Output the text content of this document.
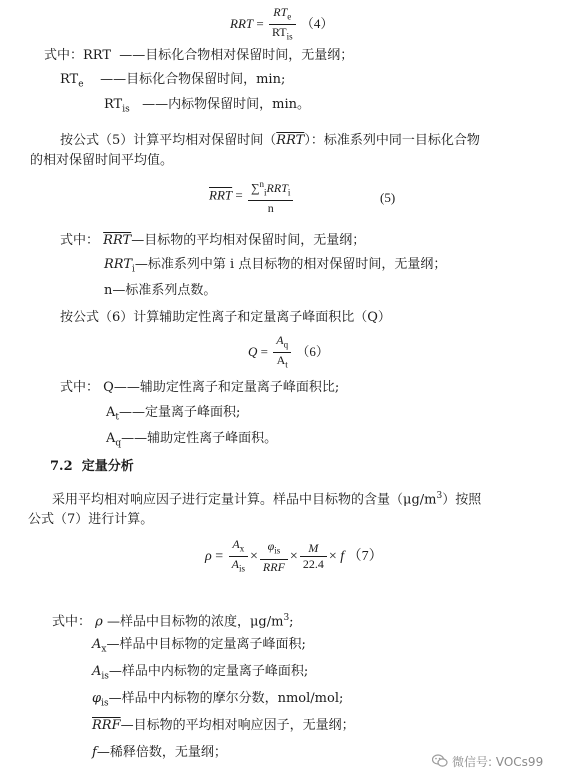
RRT = $\frac{RT_e}{RT_{is}} (4)$
式中：RRT ——目标化合物相对保留时间，无量纲；
$RT_e$ ——目标化合物保留时间，min;
$RT_{is}$ ——内标物保留时间，min。
按公式（5）计算平均相对保留时间$(\overline{RRT})$：标准系列中同一目标化合物
的相对保留时间平均值。
$\overline{RRT} = \frac{\sum^n_iRRT_i}{n}$	(5)
式中： $\overline{RRT}—$目标物的平均相对保留时间，无量纲；
$RRT_i—$标准系列中第 i 点目标物的相对保留时间，无量纲；
n—标准系列点数。
按公式（6）计算辅助定性离子和定量离子峰面积比（Q）
$Q = \frac{A_q}{A_t} (6)$
式中： Q——辅助定性离子和定量离子峰面积比;
$A_t——$定量离子峰面积;
$A_q——$辅助定性离子峰面积。
7.2 定量分析
采用平均相对响应因子进行定量计算。样品中目标物的含量$(\mu g/m^3)$按照
公式（7）进行计算。
$\rho = \frac{A_x}{A_{is}} \times \frac{\varphi_{is}}{\text{RRF}} \times \frac{M}{22.4} \times f$ （7）
式中： ρ —样品中目标物的浓度，$\mu g/m^3$;
$A_x—$样品中目标物的定量离子峰面积;
$A_{is}—$样品中内标物的定量离子峰面积;
$\varphi_{is}—$样品中内标物的摩尔分数，nmol/mol;
$\overline{RRF}—$目标物的平均相对响应因子，无量纲；
f—稀释倍数，无量纲；
微信号: VOCs99
